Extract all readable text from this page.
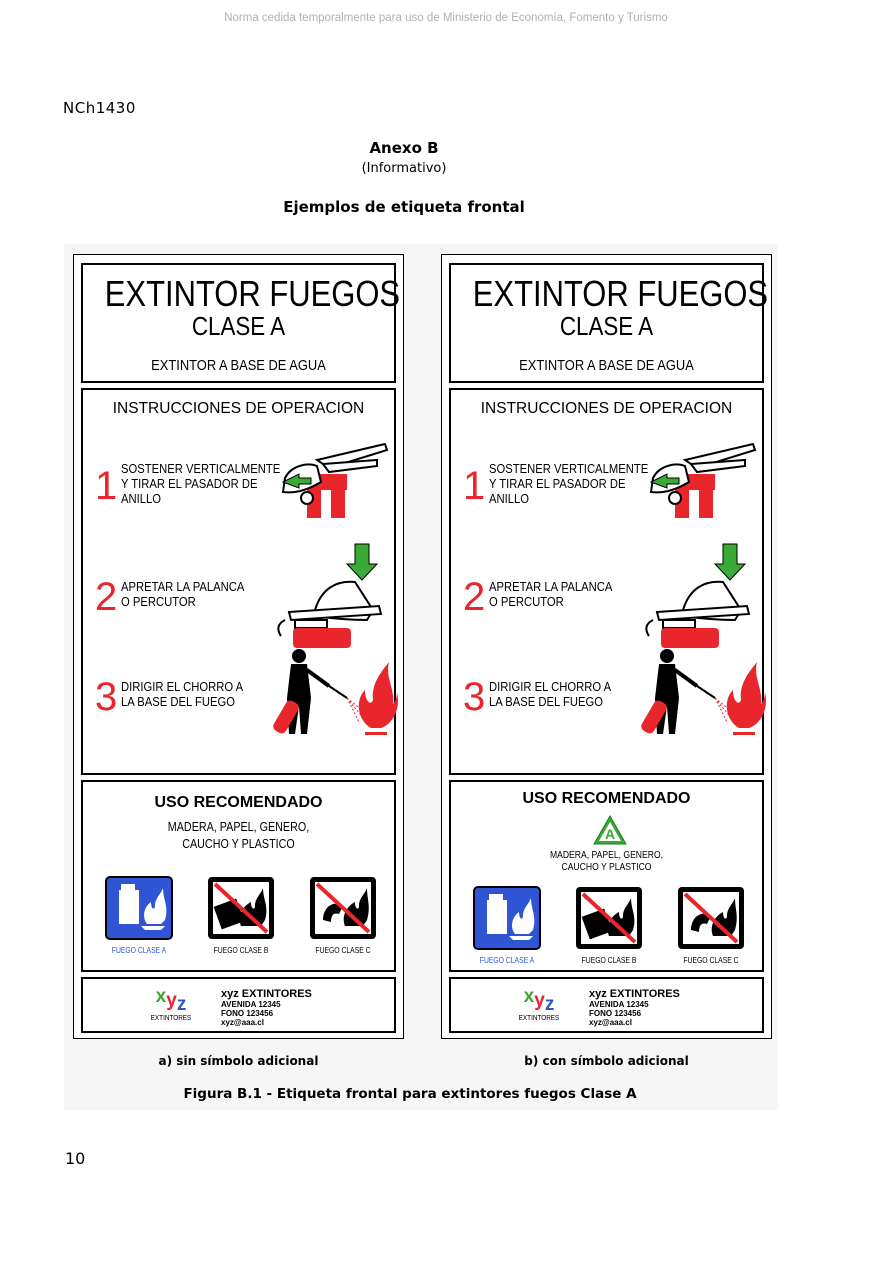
Norma cedida temporalmente para uso de Ministerio de Economía, Fomento y Turismo
NCh1430
Anexo B
(Informativo)
Ejemplos de etiqueta frontal
EXTINTOR FUEGOS
CLASE A
EXTINTOR A BASE DE AGUA
INSTRUCCIONES DE OPERACION
1 SOSTENER VERTICALMENTE
Y TIRAR EL PASADOR DE
ANILLO
2 APRETAR LA PALANCA
O PERCUTOR
3 DIRIGIR EL CHORRO A
LA BASE DEL FUEGO
USO RECOMENDADO
MADERA, PAPEL, GENERO,
CAUCHO Y PLASTICO
FUEGO CLASE A	FUEGO CLASE B	FUEGO CLASE C
xyz
EXTINTORES
xyz EXTINTORES
AVENIDA 12345
FONO 123456
xyz@aaa.cl
EXTINTOR FUEGOS
CLASE A
EXTINTOR A BASE DE AGUA
INSTRUCCIONES DE OPERACION
1 SOSTENER VERTICALMENTE
Y TIRAR EL PASADOR DE
ANILLO
2 APRETAR LA PALANCA
O PERCUTOR
3 DIRIGIR EL CHORRO A
LA BASE DEL FUEGO
USO RECOMENDADO
A
MADERA, PAPEL, GENERO,
CAUCHO Y PLASTICO
FUEGO CLASE A	FUEGO CLASE B	FUEGO CLASE C
xyz
EXTINTORES
xyz EXTINTORES
AVENIDA 12345
FONO 123456
xyz@aaa.cl
a) sin símbolo adicional	b) con símbolo adicional
Figura B.1 - Etiqueta frontal para extintores fuegos Clase A
10
